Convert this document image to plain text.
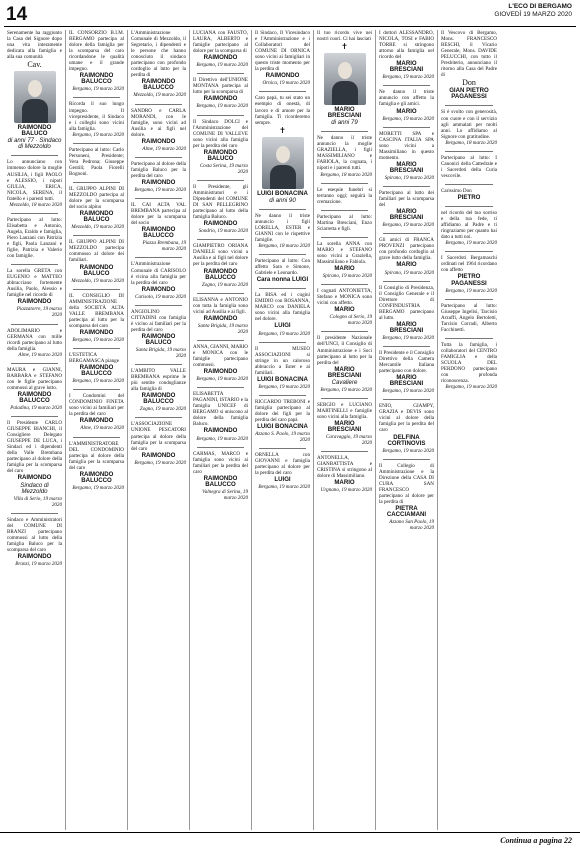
14	L'ECO DI BERGAMO
GIOVEDÌ 19 MARZO 2020

Serenamente ha raggiunto la Casa del Signore dopo una vita interamente dedicata alla famiglia e alla sua comunità

Cav.
RAIMONDO BALUCO
di anni 77 · Sindaco di Mezzoldo

Lo annunciano con immenso dolore la moglie AUSILIA, i figli PAOLO e ALESSIO, i nipoti GIULIA, ERICA, NICOLA, SERENA, il fratello e i parenti tutti.

Mezzoldo, 18 marzo 2020

Partecipano al lutto: Elisabetta e Antonio, Angela, Eraldo e famiglia, Piero Lanzani con Patrizia e figli, Paola Lanzani e figlie, Patrizia e Valerio con famiglie.

La sorella GRETA con EUGENIO e MATTEO abbracciano fortemente Ausilia, Paolo, Alessio e famiglie nel ricordo di

RAIMONDO
Piazzatorre, 19 marzo 2020

ADOLIMARIO e GERMANA con mille ricordi partecipano al lutto della famiglia.

Alme, 19 marzo 2020

MAURA e GIANNI, BARBARA e STEFANO con le figlie partecipano commossi al grave lutto.

RAIMONDO BALUCCO
Paladina, 19 marzo 2020

Il Presidente CARLO GIUSEPPE BIANCHI, il Consigliere Delegato GIUSEPPE DE LUCA, i Sindaci ed i dipendenti della Valle Brembana partecipano al dolore della famiglia per la scomparsa del caro

RAIMONDO
Sindaco di Mezzoldo
Villa di Serio, 19 marzo 2020

Sindaco e Amministratori del COMUNE DI BRANZI partecipano commossi al lutto della famiglia Baluco per la scomparsa del caro

RAIMONDO
Branzi, 19 marzo 2020

IL CONSORZIO B.I.M. BERGAMO partecipa al dolore della famiglia per la scomparsa del caro ricordandone le qualità umane e il grande impegno.

RAIMONDO BALUCCO
Bergamo, 19 marzo 2020

Ricorda il suo lungo impegno. Il vicepresidente, il Sindaco e i colleghi sono vicini alla famiglia.

Bergamo, 19 marzo 2020

Partecipano al lutto: Carlo Personeni, Presidente; Vera Pedrona; Giuseppe Gentili; Paola Fiorelli Bognoni.

IL GRUPPO ALPINI DI MEZZOLDO partecipa al dolore per la scomparsa del socio alpino

RAIMONDO BALUCO
Mezzoldo, 19 marzo 2020

IL GRUPPO ALPINI DI MEZZOLDO partecipa commosso al dolore dei familiari.

RAIMONDO BALUCO
Mezzoldo, 19 marzo 2020

IL CONSIGLIO DI AMMINISTRAZIONE della SOCIETÀ ALTA VALLE BREMBANA partecipa al lutto per la scomparsa del caro

RAIMONDO
Bergamo, 19 marzo 2020

L'ESTETICA BERGAMASCA piange

RAIMONDO BALUCCO
Bergamo, 19 marzo 2020

I Condomini del CONDOMINIO FINETA sono vicini ai familiari per la perdita del caro

RAIMONDO
Alme, 19 marzo 2020

L'AMMINISTRATORE DEL CONDOMINIO partecipa al dolore della famiglia per la scomparsa del caro

RAIMONDO BALUCCO
Bergamo, 19 marzo 2020

L'Amministrazione Comunale di Mezzoldo, il Segretario, i dipendenti e le persone che hanno conosciuto il sindaco partecipano con profondo cordoglio al lutto per la perdita di

RAIMONDO BALUCCO
Mezzoldo, 19 marzo 2020

SANDRO e CARLA MORANDI, con le famiglie, sono vicini ad Ausilia e ai figli nel dolore.

RAIMONDO
Alme, 19 marzo 2020

Partecipano al dolore della famiglia Baluco per la perdita del caro

RAIMONDO
Bergamo, 19 marzo 2020

IL CAI ALTA VAL BREMBANA partecipa al dolore per la scomparsa del socio

RAIMONDO BALUCCO
Piazza Brembana, 19 marzo 2020

L'Amministrazione Comunale di CARISOLO è vicina alla famiglia per la perdita del caro

RAIMONDO
Carisolo, 19 marzo 2020

ANGIOLINO CITTADINI con famiglia è vicino ai familiari per la perdita del caro

RAIMONDO BALUCO
Santa Brigida, 19 marzo 2020

L'AMBITO VALLE BREMBANA esprime le più sentite condoglianze alla famiglia di

RAIMONDO BALUCCO
Zogno, 19 marzo 2020

L'ASSOCIAZIONE UNIONE PESCATORI partecipa al dolore della famiglia per la scomparsa del caro

RAIMONDO
Bergamo, 19 marzo 2020

LUCIANA con FAUSTO, LAURA, ALBERTO e famiglie partecipano al dolore per la scomparsa di

RAIMONDO
Bergamo, 19 marzo 2020

Il Direttivo dell'UNIONE MONTANA partecipa al lutto per la scomparsa di

RAIMONDO
Bergamo, 19 marzo 2020

Il Sindaco DOLCI e l'Amministrazione del COMUNE DI VALLEVE sono vicini alla famiglia per la perdita del caro

RAIMONDO BALUCO
Costa Serina, 19 marzo 2020

Il Presidente, gli Amministratori e i Dipendenti del COMUNE DI SAN PELLEGRINO partecipano al lutto della famiglia Baluco.

RAIMONDO
Sondrio, 19 marzo 2020

GIAMPIETRO ORIANA DANIELE sono vicini a Ausilia e ai figli nel dolore per la perdita del caro

RAIMONDO BALUCCO
Zogno, 19 marzo 2020

ELISANNA e ANTONIO con tutta la famiglia sono vicini ad Ausilia e ai figli.

RAIMONDO
Santa Brigida, 19 marzo 2020

ANNA, GIANNI, MARIO e MONICA con le famiglie partecipano commossi.

RAIMONDO
Bergamo, 19 marzo 2020

ELISABETTA PAGANINI, ISTARIO e la famiglia UNICEF di BERGAMO si uniscono al dolore della famiglia Baluco.

RAIMONDO
Bergamo, 19 marzo 2020

CARMAS, MARCO e famiglia sono vicini ai familiari per la perdita del caro

RAIMONDO BALUCCO
Valnegra di Serina, 19 marzo 2020

Il Sindaco, Il Vicesindaco e l'Amministrazione e i Collaboratori del COMUNE DI ORNICA sono vicini ai famigliari in questo triste momento per la perdita di

RAIMONDO
Ornica, 19 marzo 2020

Caro papà, tu sei stato un esempio di onestà, di lavoro e di amore per la famiglia. Ti ricorderemo sempre.

✝
LUIGI BONACINA
di anni 90

Ne danno il triste annuncio i figli LORELLA, ESTER e GIANNI con le rispettive famiglie.

Bergamo, 18 marzo 2020

Partecipano al lutto: Con affetto Sara e Simone, Gabriele e Leonardo.

Cara nonna LUIGI

La BISA ed i cugini EMIDIO con ROSANNA, MARCO con DANIELA sono vicini alla famiglia nel dolore.

LUIGI
Bergamo, 19 marzo 2020

Il MUSEO ASSOCIAZIONI si stringe in un caloroso abbraccio a Ester e ai familiari.

LUIGI BONACINA
Bergamo, 19 marzo 2020

RICCARDO TREBONI e famiglia partecipano al dolore dei figli per la perdita del caro papà

LUIGI BONACINA
Azzano S. Paolo, 19 marzo 2020

ORNELLA con GIOVANNI e famiglia partecipano al dolore per la perdita del caro

LUIGI
Bergamo, 19 marzo 2020

Il tuo ricordo vive nei nostri cuori. Ci hai lasciati

✝
MARIO BRESCIANI
di anni 79

Ne danno il triste annuncio la moglie GRAZIELLA, i figli MASSIMILIANO e FABIOLA, la cognata, i nipoti e i parenti tutti.

Bergamo, 18 marzo 2020

Le esequie funebri si terranno oggi; seguirà la cremazione.

Partecipano al lutto: Martina Bresciani, Enzo Sciarretta e figli.

La sorella ANNA con MARIO e STEFANO sono vicini a Graziella, Massimiliano e Fabiola.

MARIO
Spirano, 19 marzo 2020

I cognati ANTONIETTA, Stefano e MONICA sono vicini con affetto.

MARIO
Cologno al Serio, 19 marzo 2020

Il presidente Nazionale dell'UNCI, il Consiglio di Amministrazione e i Soci partecipano al lutto per la perdita del

MARIO BRESCIANI
Cavaliere
Bergamo, 19 marzo 2020

SERGIO e LUCIANO MARTINELLI e famiglie sono vicini alla famiglia.

MARIO BRESCIANI
Caravaggio, 19 marzo 2020

ANTONELLA, GIANBATTISTA e CRISTINA si stringono al dolore di Massimiliano.

MARIO
Urgnano, 19 marzo 2020

I dottori ALESSANDRO, NICOLA, TOSI e FABIO TORRE si stringono attorno alla famiglia nel ricordo del

MARIO BRESCIANI
Bergamo, 19 marzo 2020

Ne danno il triste annuncio con affetto la famiglia e gli amici.

MARIO
Bergamo, 19 marzo 2020

MORETTI SPA e CASCINA ITALIA SPA sono vicini a Massimiliano in questo momento.

MARIO BRESCIANI
Spirano, 19 marzo 2020

Partecipano al lutto dei familiari per la scomparsa del

MARIO BRESCIANI
Bergamo, 19 marzo 2020

Gli amici di FRANCA PROVENZI partecipano con profondo cordoglio al grave lutto della famiglia.

MARIO
Spirano, 19 marzo 2020

Il Consiglio di Presidenza, il Consiglio Generale e il Direttore di CONFINDUSTRIA BERGAMO partecipano al lutto.

MARIO BRESCIANI
Bergamo, 19 marzo 2020

Il Presidente e il Consiglio Direttivo della Camera Mercantile Italiana partecipano con dolore.

MARIO BRESCIANI
Bergamo, 19 marzo 2020

ENIO, GIAMPY, GRAZIA e DEVIS sono vicini al dolore della famiglia per la perdita del caro

DELFINA CORTINOVIS
Bergamo, 19 marzo 2020

Il Collegio di Amministrazione e la Direzione della CASA DI CURA SAN FRANCESCO partecipano al dolore per la perdita di

PIETRA CACCIAMANI
Azzano San Paolo, 19 marzo 2020

Il Vescovo di Bergamo, Mons. FRANCESCO BESCHI, il Vicario Generale, Mons. DAVIDE PELUCCHI, con tutto il Presbiterio, annunciano il ritorno alla Casa del Padre di

Don
GIAN PIETRO PAGANESSI

Si è svolto con generosità, con cuore e con il servizio agli ammalati per molti anni. Lo affidiamo al Signore con gratitudine.

Bergamo, 18 marzo 2020

Partecipano al lutto: I Canonici della Cattedrale e i Sacerdoti della Curia vescovile.

Carissimo Don

PIETRO

nel ricordo del tuo sorriso e della tua fede, ti affidiamo al Padre e ti ringraziamo per quanto hai dato a tutti noi.

Bergamo, 19 marzo 2020

I Sacerdoti Bergamaschi ordinati nel 1964 ricordano con affetto

PIETRO PAGANESSI
Bergamo, 19 marzo 2020

Partecipano al lutto: Giuseppe Ingelisi, Tarcisio Arzuffi, Angelo Bertoletti, Tarcisio Corradi, Alberto Facchinetti.

Tutta la famiglia, i collaboratori del CENTRO FAMIGLIA e della SCUOLA DEL PERDONO partecipano con profonda riconoscenza.

Bergamo, 19 marzo 2020
Continua a pagina 22
